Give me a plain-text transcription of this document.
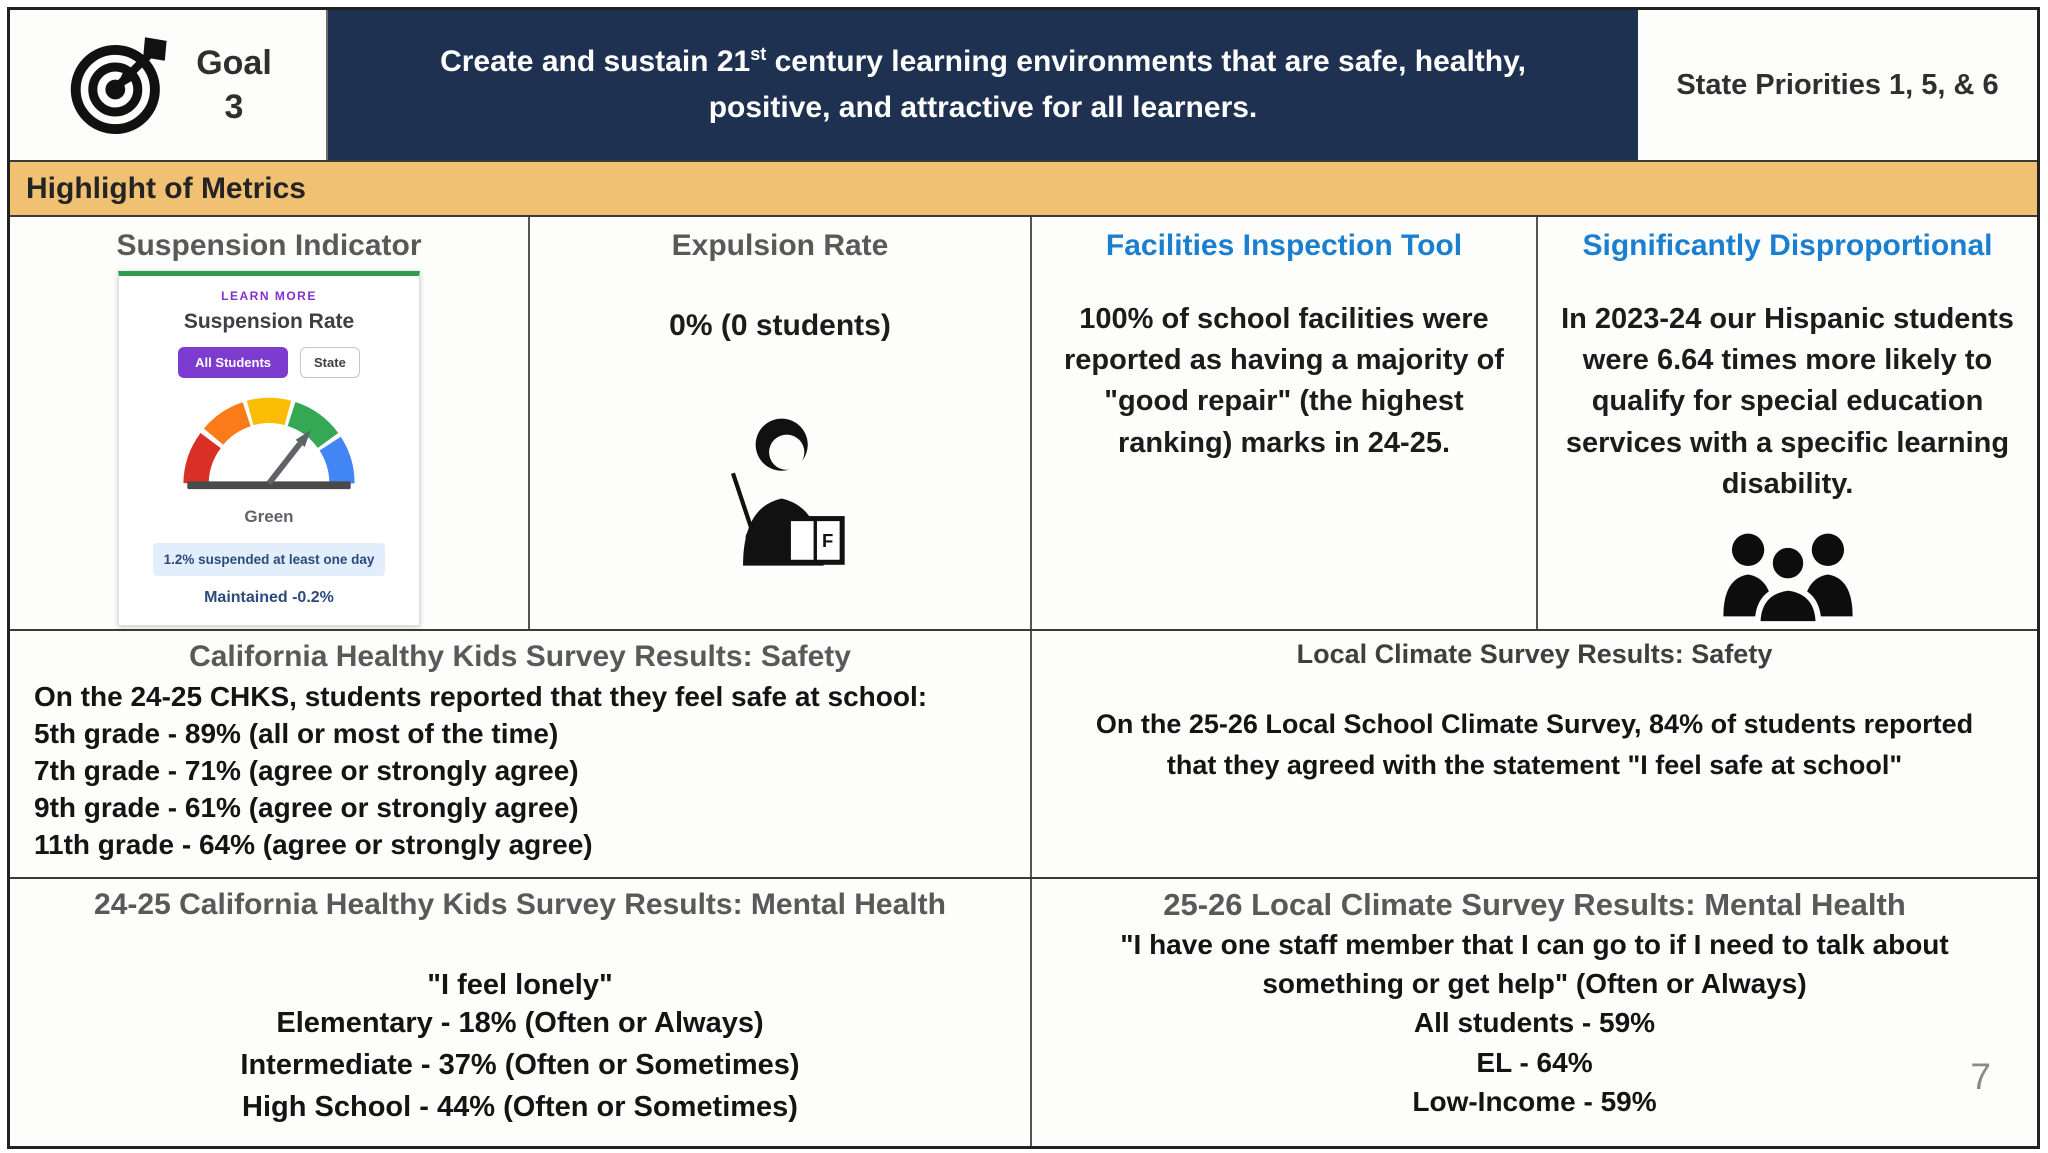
Goal
3
Create and sustain 21st century learning environments that are safe, healthy, positive, and attractive for all learners.
State Priorities 1, 5, & 6
Highlight of Metrics
Suspension Indicator
LEARN MORE
Suspension Rate
All Students	State
Green
1.2% suspended at least one day
Maintained -0.2%
Expulsion Rate
0% (0 students)
F
Facilities Inspection Tool
100% of school facilities were reported as having a majority of "good repair" (the highest ranking) marks in 24-25.
Significantly Disproportional
In 2023-24 our Hispanic students were 6.64 times more likely to qualify for special education services with a specific learning disability.
California Healthy Kids Survey Results: Safety
On the 24-25 CHKS, students reported that they feel safe at school:
5th grade - 89% (all or most of the time)
7th grade - 71% (agree or strongly agree)
9th grade - 61% (agree or strongly agree)
11th grade - 64% (agree or strongly agree)
Local Climate Survey Results: Safety
On the 25-26 Local School Climate Survey, 84% of students reported that they agreed with the statement "I feel safe at school"
24-25 California Healthy Kids Survey Results: Mental Health
"I feel lonely"
Elementary - 18% (Often or Always)
Intermediate - 37% (Often or Sometimes)
High School - 44% (Often or Sometimes)
25-26 Local Climate Survey Results: Mental Health
"I have one staff member that I can go to if I need to talk about something or get help" (Often or Always)
All students - 59%
EL - 64%
Low-Income - 59%
7
